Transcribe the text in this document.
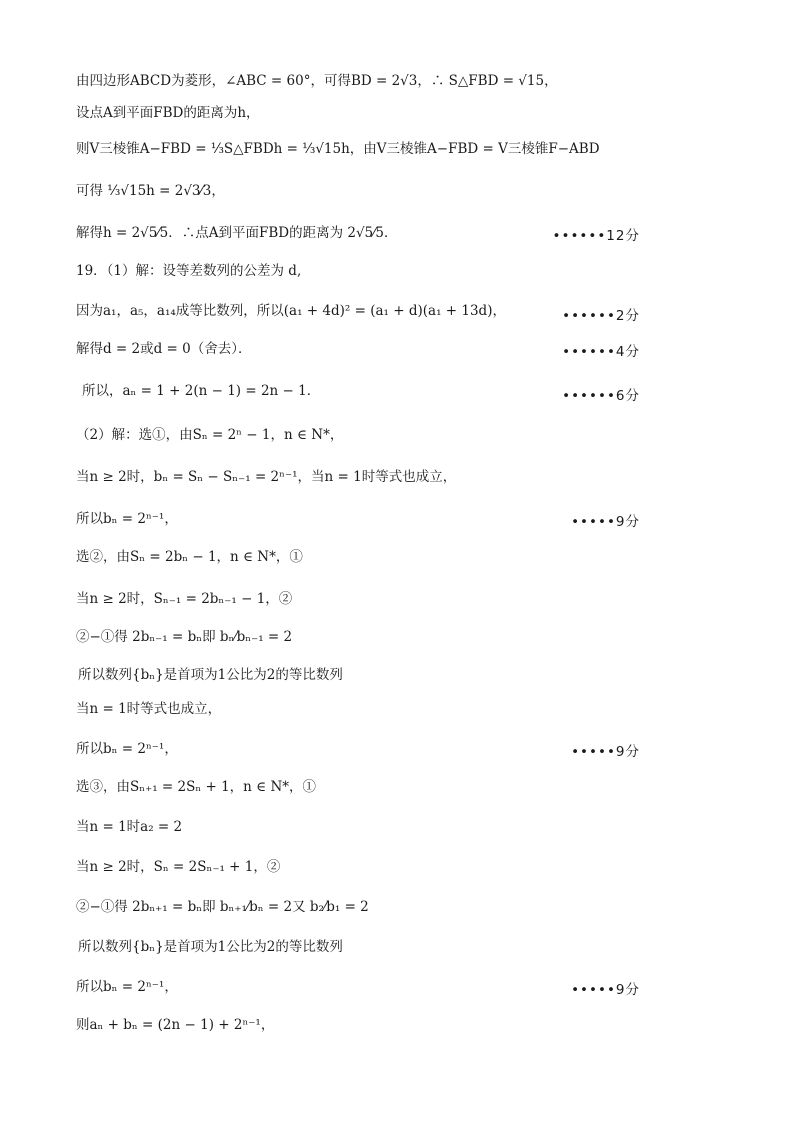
由四边形ABCD为菱形，∠ABC = 60°，可得BD = 2√3，∴ S△FBD = √15，
设点A到平面FBD的距离为h，
则V三棱锥A−FBD = ⅓S△FBDh = ⅓√15h，由V三棱锥A−FBD = V三棱锥F−ABD
可得 ⅓√15h = 2√3⁄3，
解得h = 2√5⁄5．∴点A到平面FBD的距离为 2√5⁄5．	••••••12分
19．（1）解：设等差数列的公差为 d,
因为a₁，a₅，a₁₄成等比数列，所以(a₁ + 4d)² = (a₁ + d)(a₁ + 13d)，	••••••2分
解得d = 2或d = 0（舍去）．	••••••4分
所以，aₙ = 1 + 2(n − 1) = 2n − 1．	••••••6分
（2）解：选①，由Sₙ = 2ⁿ − 1，n ∈ N*，
当n ≥ 2时，bₙ = Sₙ − Sₙ₋₁ = 2ⁿ⁻¹，当n = 1时等式也成立，
所以bₙ = 2ⁿ⁻¹，	•••••9分
选②，由Sₙ = 2bₙ − 1，n ∈ N*，①
当n ≥ 2时，Sₙ₋₁ = 2bₙ₋₁ − 1，②
②−①得 2bₙ₋₁ = bₙ即 bₙ⁄bₙ₋₁ = 2
所以数列{bₙ}是首项为1公比为2的等比数列
当n = 1时等式也成立，
所以bₙ = 2ⁿ⁻¹，	•••••9分
选③，由Sₙ₊₁ = 2Sₙ + 1，n ∈ N*，①
当n = 1时a₂ = 2
当n ≥ 2时，Sₙ = 2Sₙ₋₁ + 1，②
②−①得 2bₙ₊₁ = bₙ即 bₙ₊₁⁄bₙ = 2又 b₂⁄b₁ = 2
所以数列{bₙ}是首项为1公比为2的等比数列
所以bₙ = 2ⁿ⁻¹，	•••••9分
则aₙ + bₙ = (2n − 1) + 2ⁿ⁻¹，
